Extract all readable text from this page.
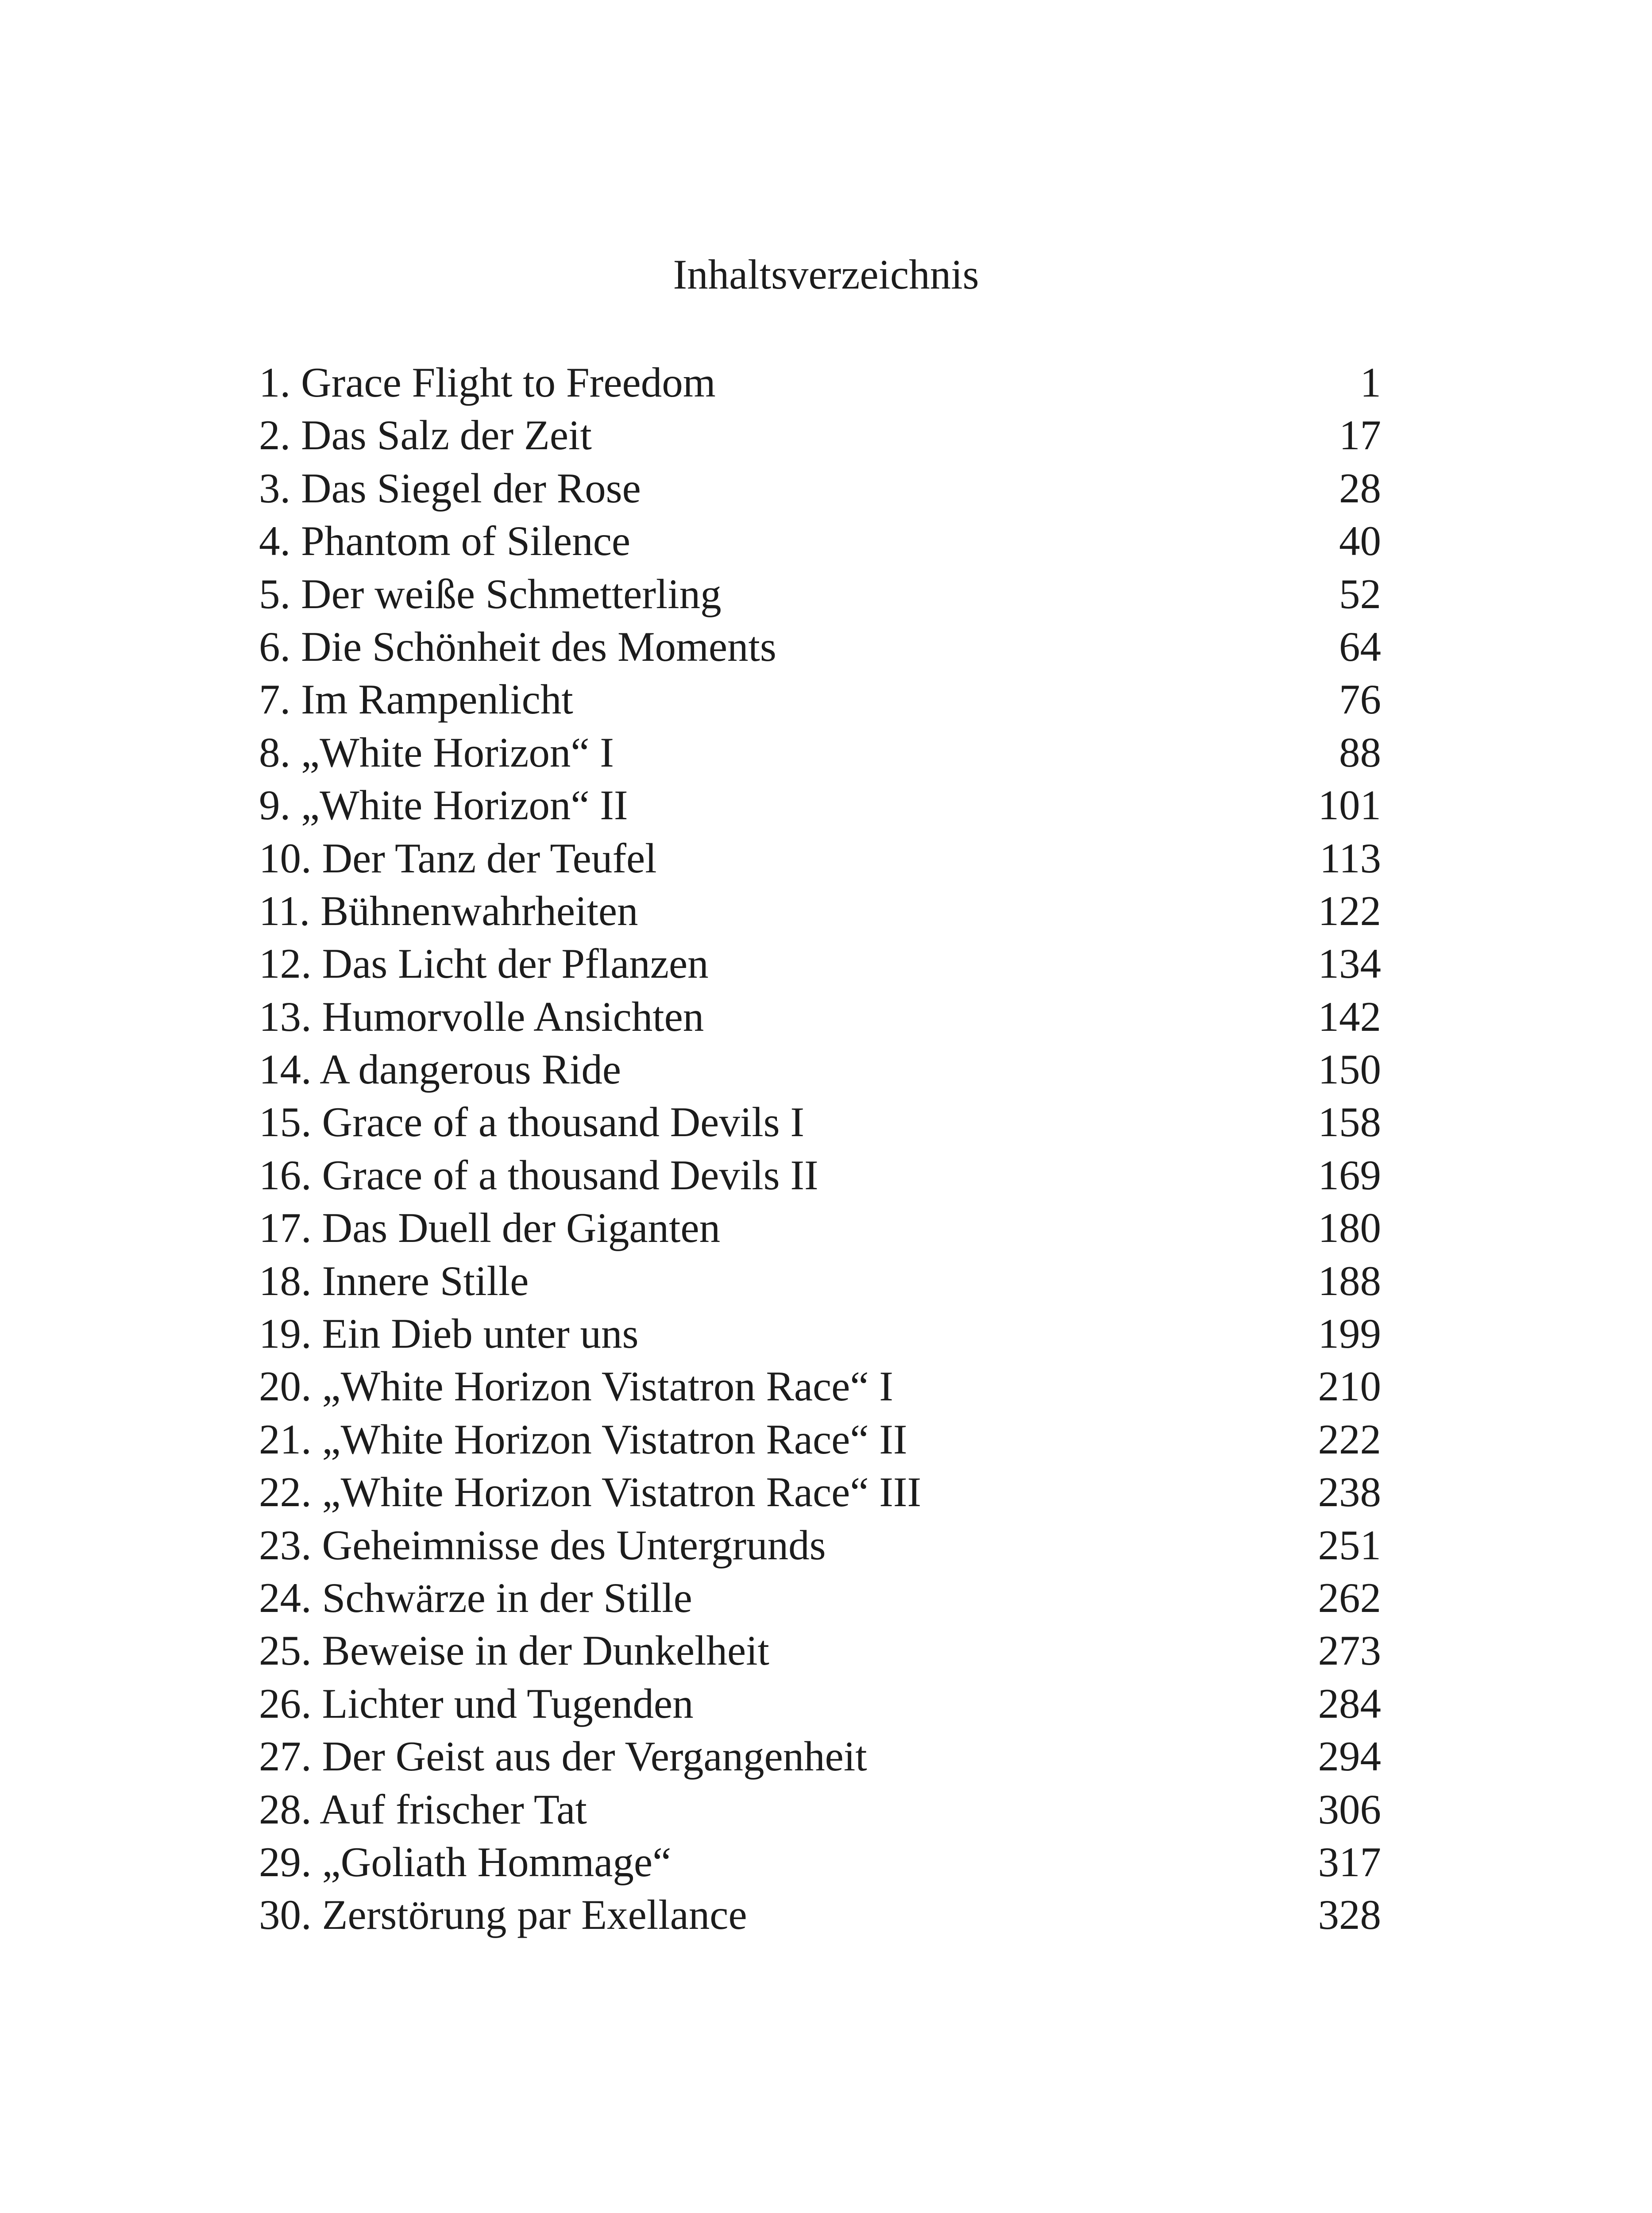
Inhaltsverzeichnis
1. Grace Flight to Freedom	1
2. Das Salz der Zeit	17
3. Das Siegel der Rose	28
4. Phantom of Silence	40
5. Der weiße Schmetterling	52
6. Die Schönheit des Moments	64
7. Im Rampenlicht	76
8. „White Horizon“ I	88
9. „White Horizon“ II	101
10. Der Tanz der Teufel	113
11. Bühnenwahrheiten	122
12. Das Licht der Pflanzen	134
13. Humorvolle Ansichten	142
14. A dangerous Ride	150
15. Grace of a thousand Devils I	158
16. Grace of a thousand Devils II	169
17. Das Duell der Giganten	180
18. Innere Stille	188
19. Ein Dieb unter uns	199
20. „White Horizon Vistatron Race“ I	210
21. „White Horizon Vistatron Race“ II	222
22. „White Horizon Vistatron Race“ III	238
23. Geheimnisse des Untergrunds	251
24. Schwärze in der Stille	262
25. Beweise in der Dunkelheit	273
26. Lichter und Tugenden	284
27. Der Geist aus der Vergangenheit	294
28. Auf frischer Tat	306
29. „Goliath Hommage“	317
30. Zerstörung par Exellance	328
